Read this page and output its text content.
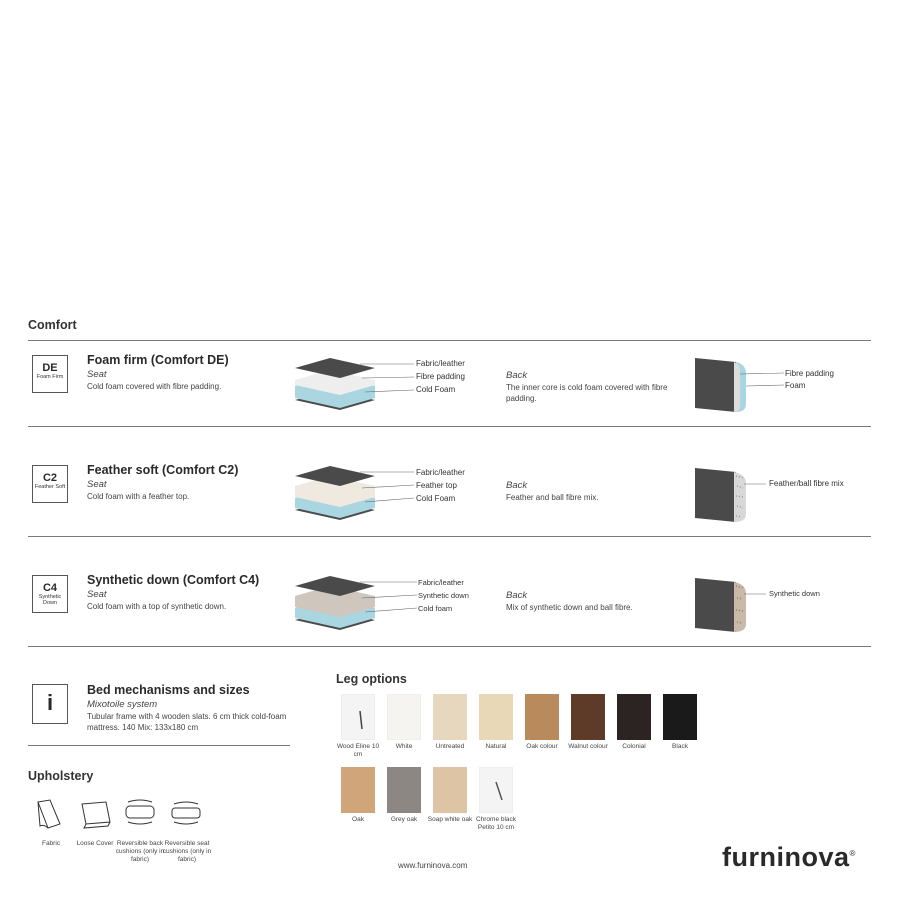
Comfort
DE
Foam Firm
Foam firm (Comfort DE)
Seat
Cold foam covered with fibre padding.
Fabric/leather
Fibre padding
Cold Foam
Back
The inner core is cold foam covered with fibre padding.
Fibre padding
Foam
C2
Feather Soft
Feather soft (Comfort C2)
Seat
Cold foam with a feather top.
Fabric/leather
Feather top
Cold Foam
Back
Feather and ball fibre mix.
Feather/ball fibre mix
C4
Synthetic Down
Synthetic down (Comfort C4)
Seat
Cold foam with a top of synthetic down.
Fabric/leather
Synthetic down
Cold foam
Back
Mix of synthetic down and ball fibre.
Synthetic down
i	Bed mechanisms and sizes
Mixotoile system
Tubular frame with 4 wooden slats. 6 cm thick cold-foam mattress. 140 Mix: 133x180 cm
Upholstery
Fabric	Loose Cover Reversible back cushions (only in fabric)
Reversible seat cushions (only in fabric)
Leg options
Wood Eline 10 cm
White	Untreated	Natural	Oak colour	Walnut colour	Colonial	Black
Oak	Grey oak	Soap white oak Chrome black Petito 10 cm
www.furninova.com	furninova®
